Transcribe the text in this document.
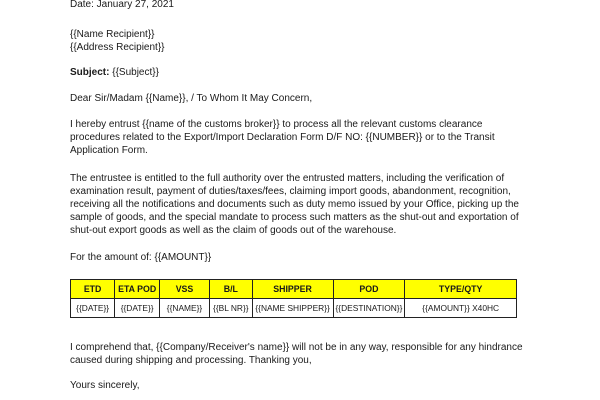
Date: January 27, 2021

{{Name Recipient}}
{{Address Recipient}}

Subject: {{Subject}}

Dear Sir/Madam {{Name}}, / To Whom It May Concern,

I hereby entrust {{name of the customs broker}} to process all the relevant customs clearance
procedures related to the Export/Import Declaration Form D/F NO: {{NUMBER}} or to the Transit
Application Form.

The entrustee is entitled to the full authority over the entrusted matters, including the verification of
examination result, payment of duties/taxes/fees, claiming import goods, abandonment, recognition,
receiving all the notifications and documents such as duty memo issued by your Office, picking up the
sample of goods, and the special mandate to process such matters as the shut-out and exportation of
shut-out export goods as well as the claim of goods out of the warehouse.

For the amount of: {{AMOUNT}}

ETD	ETA POD	VSS	B/L	SHIPPER	POD	TYPE/QTY
{{DATE}}	{{DATE}}	{{NAME}}	{{BL NR}}	{{NAME SHIPPER}}	{{DESTINATION}}	{{AMOUNT}} X40HC

I comprehend that, {{Company/Receiver's name}} will not be in any way, responsible for any hindrance
caused during shipping and processing. Thanking you,

Yours sincerely,
